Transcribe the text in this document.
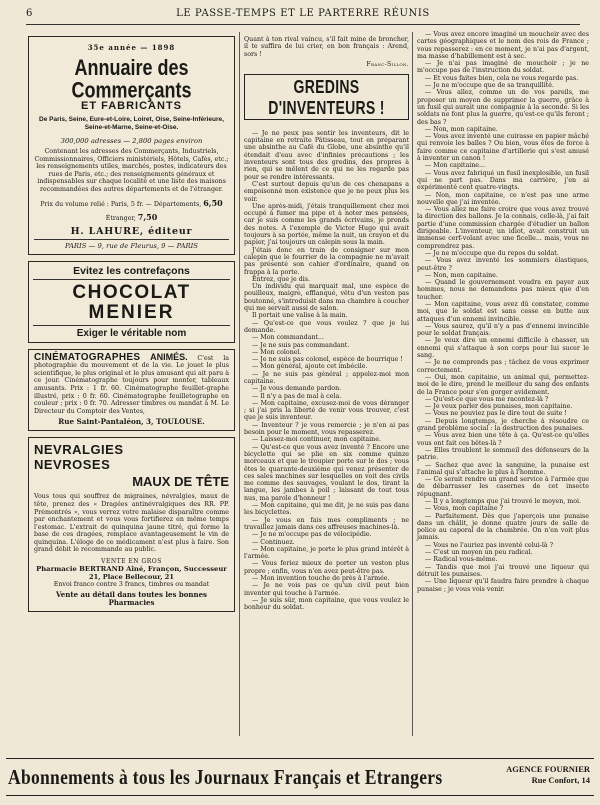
6	LE PASSE-TEMPS ET LE PARTERRE RÉUNIS
35e année — 1898
Annuaire des Commerçants
ET FABRICANTS
De Paris, Seine, Eure-et-Loire, Loiret, Oise, Seine-Inférieure, Seine-et-Marne, Seine-et-Oise.
300,000 adresses — 2,800 pages environ
Contenant les adresses des Commerçants, Industriels, Commissionnaires, Officiers ministériels, Hôtels, Cafés, etc.; les renseignements utiles, marchés, postes, indicateurs des rues de Paris, etc.; des renseignements généraux et indispensables sur chaque localité et une liste des maisons recommandées des autres départements et de l'étranger.
Prix du volume relié : Paris, 5 fr. — Départements, 6,50
Étranger, 7,50
H. LAHURE, éditeur
PARIS — 9, rue de Fleurus, 9 — PARIS
Evitez les contrefaçons
CHOCOLAT
MENIER
Exiger le véritable nom
CINÉMATOGRAPHES ANIMÉS. C'est la photographie du mouvement et de la vie. Le jouet le plus scientifique, le plus original et le plus amusant qui ait paru à ce jour. Cinématographe toujours pour monter, tableaux amusants. Prix : 1 fr. 60. Cinématographe feuillet-graphe illustré, prix : 0 fr. 60. Cinématographe feuilletographe en couleur ; prix : 0 fr. 70. Adresser timbres ou mandat à M. Le Directeur du Comptoir des Ventes,
Rue Saint-Pantaléon, 3, TOULOUSE.
NEVRALGIES
NEVROSES
MAUX DE TÊTE
Vous tous qui souffrez de migraines, névralgies, maux de tête, prenez des « Dragées antinévralgiques des RR. PP. Prémontrés », vous verrez votre malaise disparaître comme par enchantement et vous vous fortifierez en même temps l'estomac. L'extrait de quinquina jaune titré, qui forme la base de ces dragées, remplace avantageusement le vin de quinquina. L'éloge de ce médicament n'est plus à faire. Son grand débit le recommande au public.
VENTE EN GROS
Pharmacie BERTRAND Aîné, Françon, Successeur
21, Place Bellecour, 21
Envoi franco contre 3 francs, timbres ou mandat
Vente au détail dans toutes les bonnes Pharmacies
Quant à ton rival vaincu, s'il fait mine de broncher, il te suffira de lui crier, en bon français : Arend, sors !
Franc-Sillon.
GREDINS D'INVENTEURS !

— Je ne peux pas sentir les inventeurs, dit le capitaine en retraite Pâtisseau, tout en préparant une absinthe au Café du Globe, une absinthe qu'il étendait d'eau avec d'infinies précautions ; les inventeurs sont tous des gredins, des propres à rien, qui se mêlent de ce qui ne les regarde pas pour se rendre intéressants.

C'est surtout depuis qu'un de ces chenapans a empoisonné mon existence que je ne peux plus les voir.

Une après-midi, j'étais tranquillement chez moi occupé à fumer ma pipe et à noter mes pensées, car je suis comme les grands écrivains, je prends des notes. A l'exemple de Victor Hugo qui avait toujours à sa portée, même la nuit, un crayon et du papier, j'ai toujours un calepin sous la main.

J'étais donc en train de consigner sur mon calepin que le fourrier de la compagnie ne m'avait pas présenté son cahier d'ordinaire, quand on frappa à la porte.

Entrez, que je dis.

Un individu qui marquait mal, une espèce de pouilleux, maigre, efflanqué, vêtu d'un veston pas boutonné, s'introduisit dans ma chambre à coucher qui me servait aussi de salon.

Il portait une valise à la main.

— Qu'est-ce que vous voulez ? que je lui demande.

— Mon commandant...

— Je ne suis pas commandant.

— Mon colonel.

— Je ne suis pas colonel, espèce de bourrique !

— Mon général, ajoute cet imbécile.

— Je ne suis pas général ; appelez-moi mon capitaine.

— Je vous demande pardon.

— Il n'y a pas de mal à cela.

— Mon capitaine, excusez-moi de vous déranger ; si j'ai pris la liberté de venir vous trouver, c'est que je suis inventeur.

— Inventeur ? je vous remercie ; je n'en ai pas besoin pour le moment, vous repasserez.

— Laissez-moi continuer, mon capitaine.

— Qu'est-ce que vous avez inventé ? Encore une bicyclette qui se plie en six comme quinze morceaux et que le troupier porte sur le dos ; vous êtes le quarante-deuxième qui venez présenter de ces sales machines sur lesquelles on voit des civils me comme des sauvages, voulant le dos, tirant la langue, les jambes à poil ; laissant de tout tous nus, ma parole d'honneur !

— Mon capitaine, qui me dit, je ne suis pas dans les bicyclettes.

— Je vous en fais mes compliments ; ne travaillez jamais dans ces affreuses machines-là.

— Je ne m'occupe pas de vélocipédie.

— Continuez.

— Mon capitaine, je porte le plus grand intérêt à l'armée.

— Vous feriez mieux de porter un veston plus propre ; enfin, vous n'en avez peut-être pas.

— Mon invention touche de près à l'armée.

— Je ne vois pas ce qu'un civil peut bien inventer qui touche à l'armée.

— Je suis sûr, mon capitaine, que vous voulez le bonheur du soldat.

— Vous avez encore imaginé un moucheir avec des cartes géographiques et le nom des rois de France ; vous repasserez : en ce moment, je n'ai pas d'argent, ma masse d'habillement est à sec.

— Je n'ai pas imaginé de mouchoir ; je ne m'occupe pas de l'instruction du soldat.

— Et vous faites bien, cela ne vous regarde pas.

— Je ne m'occupe que de sa tranquillité.

— Vous allez, comme un de vos pareils, me proposer un moyen de supprimer la guerre, grâce à un fusil qui aurait une compagnie à la seconde. Si les soldats ne font plus la guerre, qu'est-ce qu'ils feront ; des bas ?

— Non, mon capitaine.

— Vous avez inventé une cuirasse en papier mâché qui renvoie les balles ? Ou bien, vous êtes de force à faire comme ce capitaine d'artillerie qui s'est amusé à inventer un canon !

— Mon capitaine...

— Vous avez fabriqué un fusil inexplosible, un fusil qui ne part pas. Dans ma carrière, j'en ai expérimenté cent quatre-vingts.

— Non, mon capitaine, ce n'est pas une arme nouvelle que j'ai inventée.

— Vous allez me faire croire que vous avez trouvé la direction des ballons. Je la connais, celle-là, j'ai fait partie d'une commission chargée d'étudier un ballon dirigeable. L'inventeur, un idiot, avait construit un immense cerf-volant avec une ficelle... mais, vous ne comprendrez pas.

— Je ne m'occupe que du repos du soldat.

— Vous avez inventé les sommiers élastiques, peut-être ?

— Non, mon capitaine.

— Quand le gouvernement voudra en payer aux hommes, nous ne demandons pas mieux que d'en toucher.

— Mon capitaine, vous avez dû constater, comme moi, que le soldat est sans cesse en butte aux attaques d'un ennemi invincible.

— Vous saurez, qu'il n'y a pas d'ennemi invincible pour le soldat français.

— Je veux dire un ennemi difficile à chasser, un ennemi qui s'attaque à son corps pour lui sucer le sang.

— Je ne comprends pas ; tâchez de vous exprimer correctement.

— Oui, mon capitaine, un animal qui, permettez-moi de le dire, prend le meilleur du sang des enfants de la France pour s'en gorger avidement.

— Qu'est-ce que vous me racontez-là ?

— Je veux parler des punaises, mon capitaine.

— Vous ne pouviez pas le dire tout de suite !

— Depuis longtemps, je cherche à résoudre ce grand problème social : la destruction des punaises.

— Vous avez bien une tête à ça. Qu'est-ce qu'elles vous ont fait ces bêtes-là ?

— Elles troublent le sommeil des défenseurs de la patrie.

— Sachez que avec la sanguine, la punaise est l'animal qui s'attache le plus à l'homme.

— Ce serait rendre un grand service à l'armée que de débarrasser les casernes de cet insecte répugnant.

— Il y a longtemps que j'ai trouvé le moyen, moi.

— Vous, mon capitaine ?

— Parfaitement. Dès que j'aperçois une punaise dans un châlit, je donne quatre jours de salle de police au caporal de la chambrée. On n'en voit plus jamais.

— Vous ne l'auriez pas inventé celui-là ?

— C'est un moyen un peu radical.

— Radical vous-même.

— Tandis que moi j'ai trouvé une liqueur qui détruit les punaises.

— Une liqueur qu'il faudra faire prendre à chaque punaise ; je vous vois venir.

Abonnements à tous les Journaux Français et Etrangers	AGENCE FOURNIER
Rue Confort, 14
